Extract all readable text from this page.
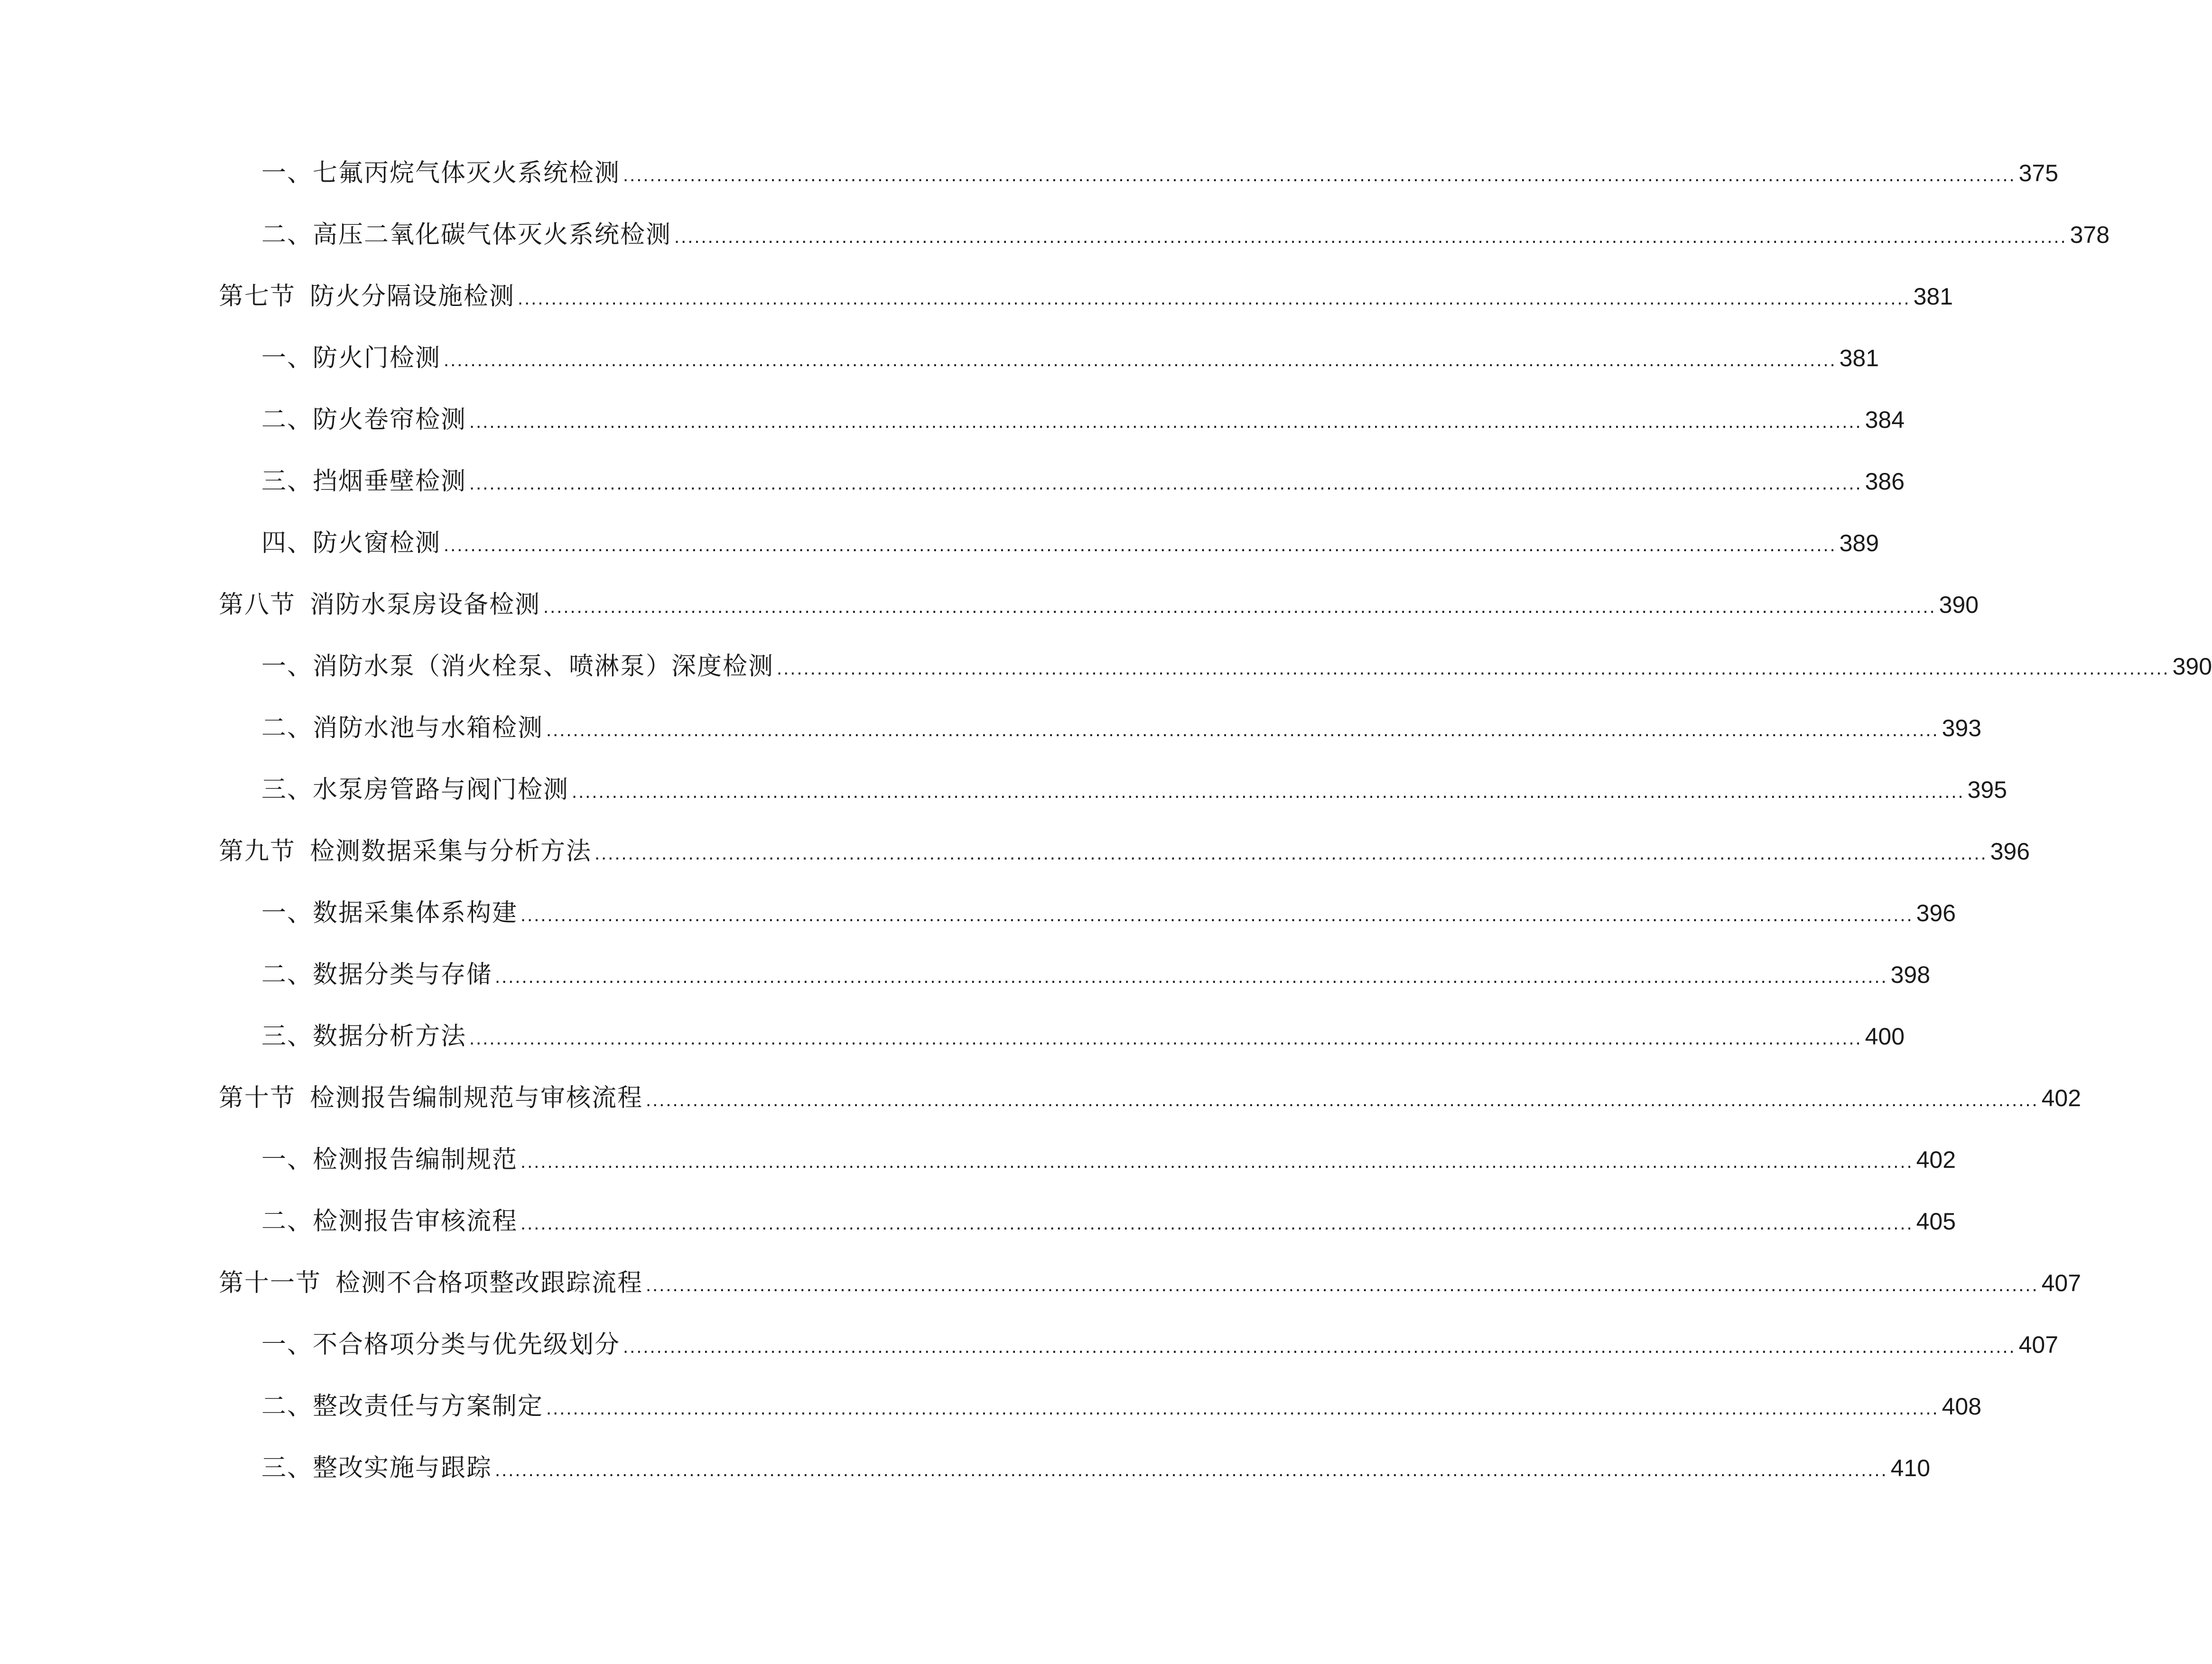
一、七氟丙烷气体灭火系统检测 ................................................................................................................................................................................................................ 375
二、高压二氧化碳气体灭火系统检测 ................................................................................................................................................................................................................ 378
第七节 防火分隔设施检测 ................................................................................................................................................................................................................ 381
一、防火门检测 ................................................................................................................................................................................................................ 381
二、防火卷帘检测 ................................................................................................................................................................................................................ 384
三、挡烟垂壁检测 ................................................................................................................................................................................................................ 386
四、防火窗检测 ................................................................................................................................................................................................................ 389
第八节 消防水泵房设备检测 ................................................................................................................................................................................................................ 390
一、消防水泵（消火栓泵、喷淋泵）深度检测 ................................................................................................................................................................................................................ 390
二、消防水池与水箱检测 ................................................................................................................................................................................................................ 393
三、水泵房管路与阀门检测 ................................................................................................................................................................................................................ 395
第九节 检测数据采集与分析方法 ................................................................................................................................................................................................................ 396
一、数据采集体系构建 ................................................................................................................................................................................................................ 396
二、数据分类与存储 ................................................................................................................................................................................................................ 398
三、数据分析方法 ................................................................................................................................................................................................................ 400
第十节 检测报告编制规范与审核流程 ................................................................................................................................................................................................................ 402
一、检测报告编制规范 ................................................................................................................................................................................................................ 402
二、检测报告审核流程 ................................................................................................................................................................................................................ 405
第十一节 检测不合格项整改跟踪流程 ................................................................................................................................................................................................................ 407
一、不合格项分类与优先级划分 ................................................................................................................................................................................................................ 407
二、整改责任与方案制定 ................................................................................................................................................................................................................ 408
三、整改实施与跟踪 ................................................................................................................................................................................................................ 410
